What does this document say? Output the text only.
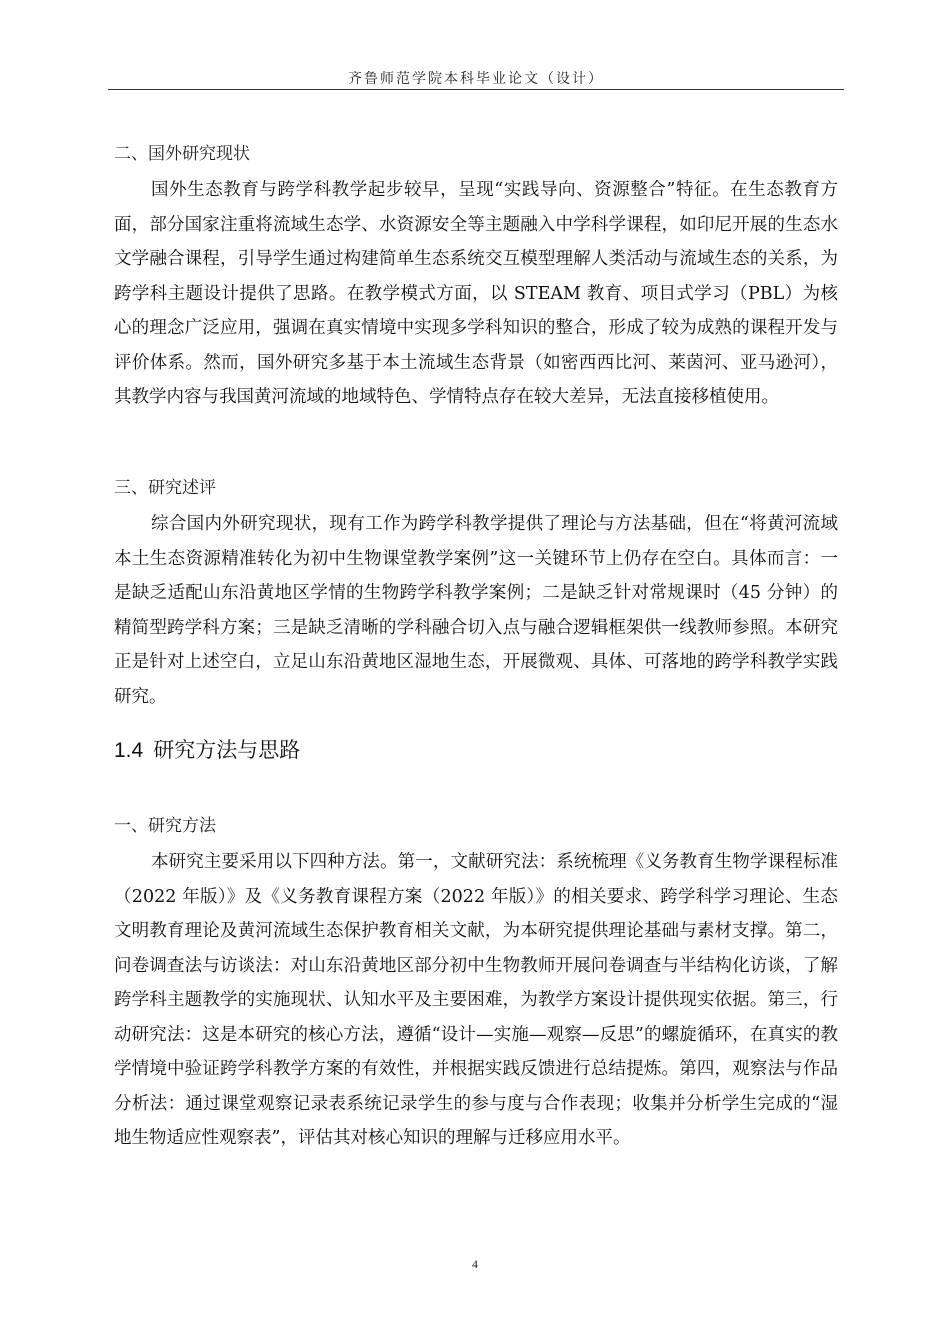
齐鲁师范学院本科毕业论文（设计）
二、国外研究现状

国外生态教育与跨学科教学起步较早，呈现“实践导向、资源整合”特征。在生态教育方面，部分国家注重将流域生态学、水资源安全等主题融入中学科学课程，如印尼开展的生态水文学融合课程，引导学生通过构建简单生态系统交互模型理解人类活动与流域生态的关系，为跨学科主题设计提供了思路。在教学模式方面，以 STEAM 教育、项目式学习（PBL）为核心的理念广泛应用，强调在真实情境中实现多学科知识的整合，形成了较为成熟的课程开发与评价体系。然而，国外研究多基于本土流域生态背景（如密西西比河、莱茵河、亚马逊河），其教学内容与我国黄河流域的地域特色、学情特点存在较大差异，无法直接移植使用。

三、研究述评

综合国内外研究现状，现有工作为跨学科教学提供了理论与方法基础，但在“将黄河流域本土生态资源精准转化为初中生物课堂教学案例”这一关键环节上仍存在空白。具体而言：一是缺乏适配山东沿黄地区学情的生物跨学科教学案例；二是缺乏针对常规课时（45 分钟）的精简型跨学科方案；三是缺乏清晰的学科融合切入点与融合逻辑框架供一线教师参照。本研究正是针对上述空白，立足山东沿黄地区湿地生态，开展微观、具体、可落地的跨学科教学实践研究。

1.4 研究方法与思路
一、研究方法

本研究主要采用以下四种方法。第一，文献研究法：系统梳理《义务教育生物学课程标准（2022 年版）》及《义务教育课程方案（2022 年版）》的相关要求、跨学科学习理论、生态文明教育理论及黄河流域生态保护教育相关文献，为本研究提供理论基础与素材支撑。第二，问卷调查法与访谈法：对山东沿黄地区部分初中生物教师开展问卷调查与半结构化访谈，了解跨学科主题教学的实施现状、认知水平及主要困难，为教学方案设计提供现实依据。第三，行动研究法：这是本研究的核心方法，遵循“设计—实施—观察—反思”的螺旋循环，在真实的教学情境中验证跨学科教学方案的有效性，并根据实践反馈进行总结提炼。第四，观察法与作品分析法：通过课堂观察记录表系统记录学生的参与度与合作表现；收集并分析学生完成的“湿地生物适应性观察表”，评估其对核心知识的理解与迁移应用水平。

4
